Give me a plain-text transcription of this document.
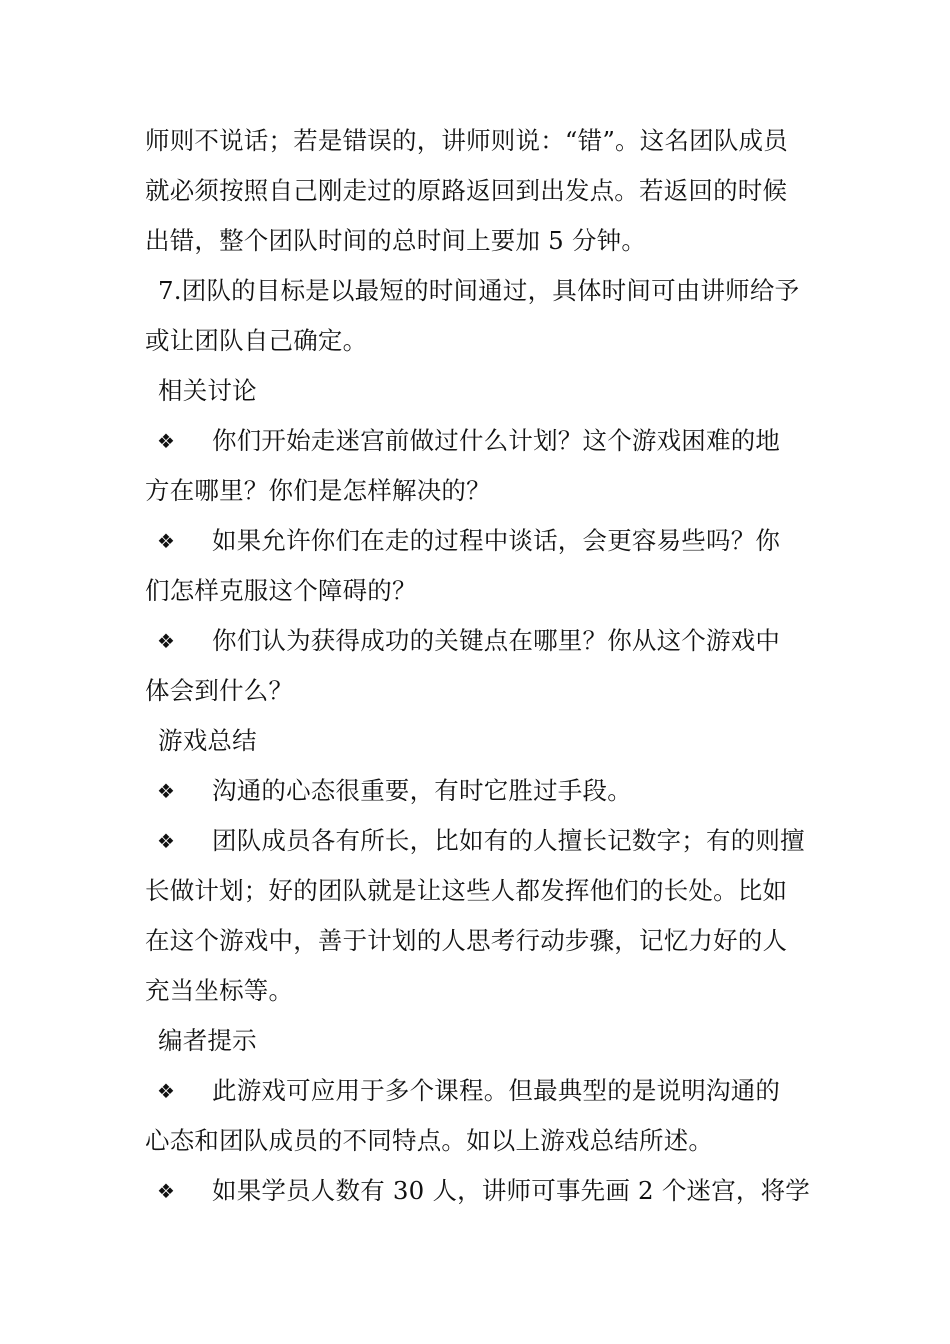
师则不说话；若是错误的，讲师则说：“错”。这名团队成员
就必须按照自己刚走过的原路返回到出发点。若返回的时候
出错，整个团队时间的总时间上要加 5 分钟。
7.团队的目标是以最短的时间通过，具体时间可由讲师给予
或让团队自己确定。
相关讨论
❖ 你们开始走迷宫前做过什么计划？这个游戏困难的地
方在哪里？你们是怎样解决的？
❖ 如果允许你们在走的过程中谈话，会更容易些吗？你
们怎样克服这个障碍的？
❖ 你们认为获得成功的关键点在哪里？你从这个游戏中
体会到什么？
游戏总结
❖ 沟通的心态很重要，有时它胜过手段。
❖ 团队成员各有所长，比如有的人擅长记数字；有的则擅
长做计划；好的团队就是让这些人都发挥他们的长处。比如
在这个游戏中，善于计划的人思考行动步骤，记忆力好的人
充当坐标等。
编者提示
❖ 此游戏可应用于多个课程。但最典型的是说明沟通的
心态和团队成员的不同特点。如以上游戏总结所述。
❖ 如果学员人数有 30 人，讲师可事先画 2 个迷宫，将学
